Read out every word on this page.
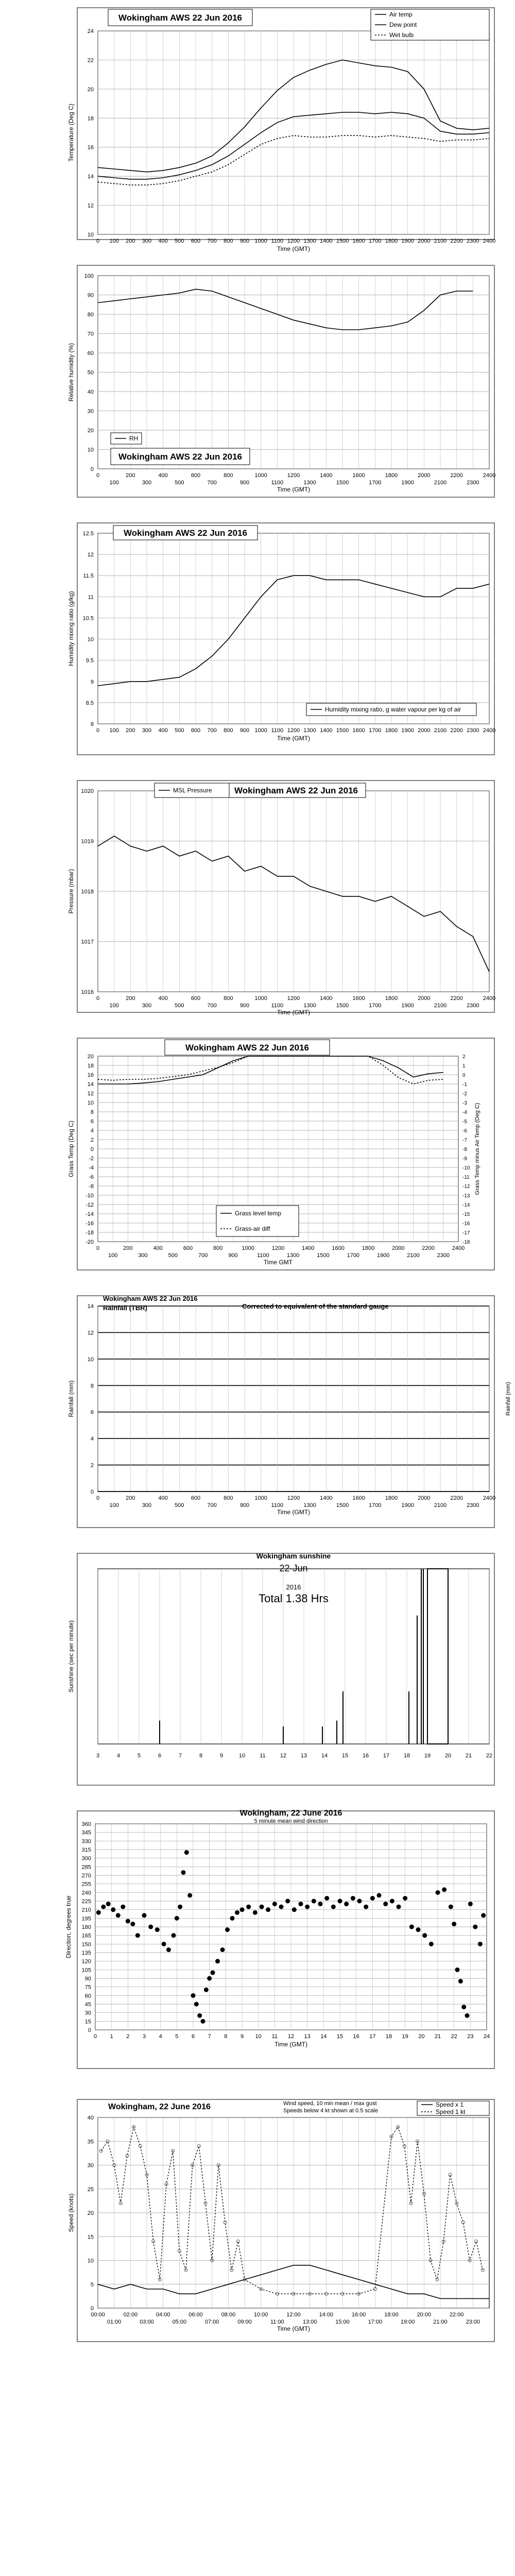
10
12
14
16
18
20
22
24
0 100 200 300 400 500 600 700 800 900 1000 1100 1200 1300 1400 1500 1600 1700 1800 1900 2000 2100 2200 2300 2400
Time (GMT)
Temperature (Deg C)
Wokingham AWS 22 Jun 2016	Air temp
Dew point
Wet bulb
0
10
20
30
40
50
60
70
80
90
100
0	200	400	600	800	1000	1200	1400	1600	1800	2000	2200	2400
100	300	500	700	900	1100	1300	1500	1700	1900	2100	2300
Time (GMT)
Relative humidity (%)
Wokingham AWS 22 Jun 2016
RH
8
8.5
9
9.5
10
10.5
11
11.5
12
12.5
0 100 200 300 400 500 600 700 800 900 1000 1100 1200 1300 1400 1500 1600 1700 1800 1900 2000 2100 2200 2300 2400
Time (GMT)
Humidity mixing ratio (g/kg)
Wokingham AWS 22 Jun 2016
Humidity mixing ratio, g water vapour per kg of air
1016
1017
1018
1019
1020
0	200	400	600	800	1000	1200	1400	1600	1800	2000	2200	2400
100	300	500	700	900	1100	1300	1500	1700	1900	2100	2300
Time (GMT)
Pressure (mbar)
Wokingham AWS 22 Jun 2016
MSL Pressure
-20
-18
-16
-14
-12
-10
-8
-6
-4
-2
0
2
4
6
8
10
12
14
16
18
20
-18
-17
-16
-15
-14
-13
-12
-11
-10
-9
-8
-7
-6
-5
-4
-3
-2
-1
0
1
2
0	200	400	600	800	1000	1200	1400	1600	1800	2000	2200	2400
100	300	500	700	900	1100	1300	1500	1700	1900	2100	2300
Time GMT
Grass Temp (Deg C)	Grass Temp minus Air Temp (Deg C)
Wokingham AWS 22 Jun 2016
Grass level temp
Grass-air diff
0
2
4
6
8
10
12
14
0	200	400	600	800	1000	1200	1400	1600	1800	2000	2200	2400
100	300	500	700	900	1100	1300	1500	1700	1900	2100	2300
Time (GMT)
Rainfall (mm)	Rainfall (mm)
Wokingham AWS 22 Jun 2016
Rainfall (TBR)	Corrected to equivalent of the standard gauge
3	4	5	6	7	8	9	10	11	12	13	14	15	16	17	18	19	20	21	22
Sunshine (sec per minute)
Wokingham sunshine
22-Jun
2016
Total 1.38 Hrs
0
15
30
45
60
75
90
105
120
135
150
165
180
195
210
225
240
255
270
285
300
315
330
345
360
0 1 2 3 4 5 6 7 8 9 10 11 12 13 14 15 16 17 18 19 20 21 22 23 24
Time (GMT)
Direction, degrees true
Wokingham, 22 June 2016
5 minute mean wind direction
0
5
10
15
20
25
30
35
40
00:00	02:00	04:00	06:00	08:00	10:00	12:00	14:00	16:00	18:00	20:00	22:00
01:00	03:00	05:00	07:00	09:00	11:00	13:00	15:00	17:00	19:00	21:00	23:00
Time (GMT)
Speed (knots)
Wokingham, 22 June 2016	Wind speed, 10 min mean / max gust
Speeds below 4 kt shown at 0.5 scale
Speed x 1
Speed 1 kt
